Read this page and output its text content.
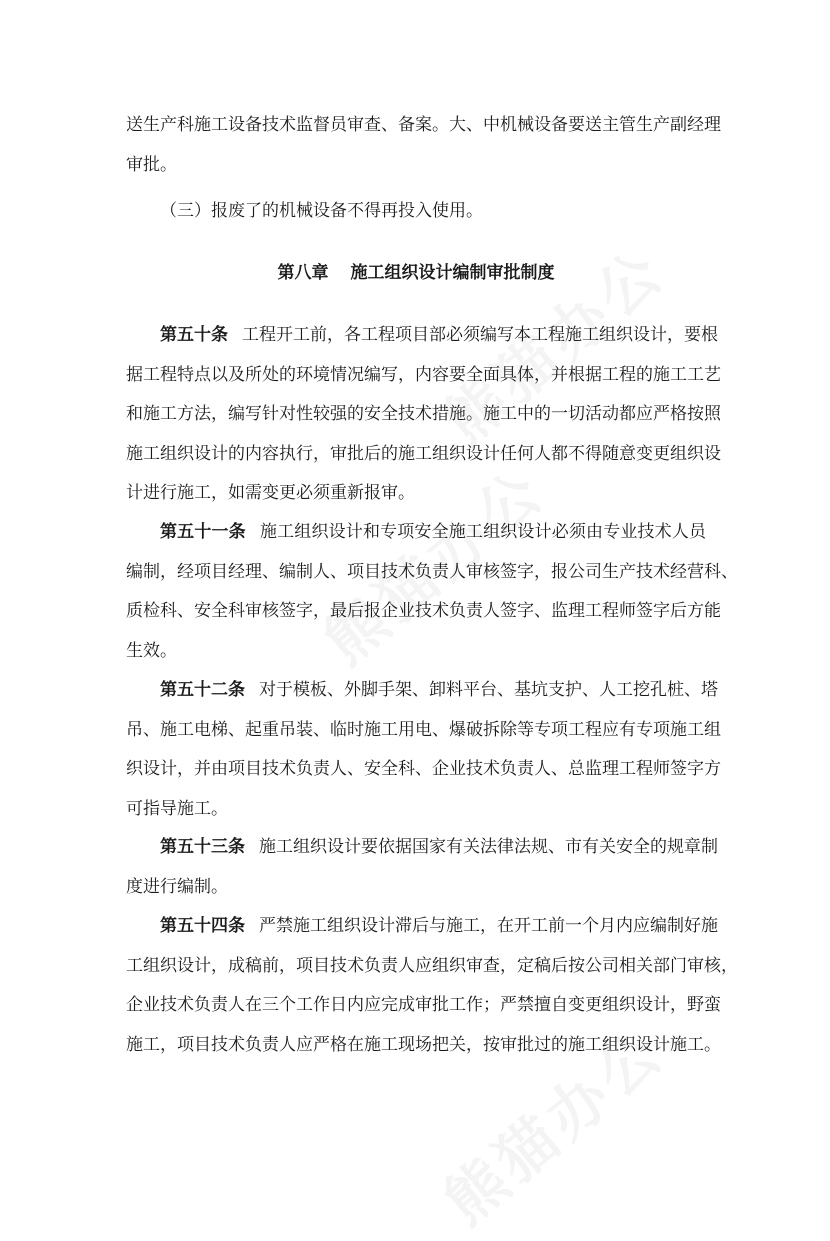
送生产科施工设备技术监督员审查、备案。大、中机械设备要送主管生产副经理
审批。
（三）报废了的机械设备不得再投入使用。
第八章 施工组织设计编制审批制度
第五十条 工程开工前，各工程项目部必须编写本工程施工组织设计，要根
据工程特点以及所处的环境情况编写，内容要全面具体，并根据工程的施工工艺
和施工方法，编写针对性较强的安全技术措施。施工中的一切活动都应严格按照
施工组织设计的内容执行，审批后的施工组织设计任何人都不得随意变更组织设
计进行施工，如需变更必须重新报审。
第五十一条 施工组织设计和专项安全施工组织设计必须由专业技术人员
编制，经项目经理、编制人、项目技术负责人审核签字，报公司生产技术经营科、
质检科、安全科审核签字，最后报企业技术负责人签字、监理工程师签字后方能
生效。
第五十二条 对于模板、外脚手架、卸料平台、基坑支护、人工挖孔桩、塔
吊、施工电梯、起重吊装、临时施工用电、爆破拆除等专项工程应有专项施工组
织设计，并由项目技术负责人、安全科、企业技术负责人、总监理工程师签字方
可指导施工。
第五十三条 施工组织设计要依据国家有关法律法规、市有关安全的规章制
度进行编制。
第五十四条 严禁施工组织设计滞后与施工，在开工前一个月内应编制好施
工组织设计，成稿前，项目技术负责人应组织审查，定稿后按公司相关部门审核，
企业技术负责人在三个工作日内应完成审批工作；严禁擅自变更组织设计，野蛮
施工，项目技术负责人应严格在施工现场把关，按审批过的施工组织设计施工。
